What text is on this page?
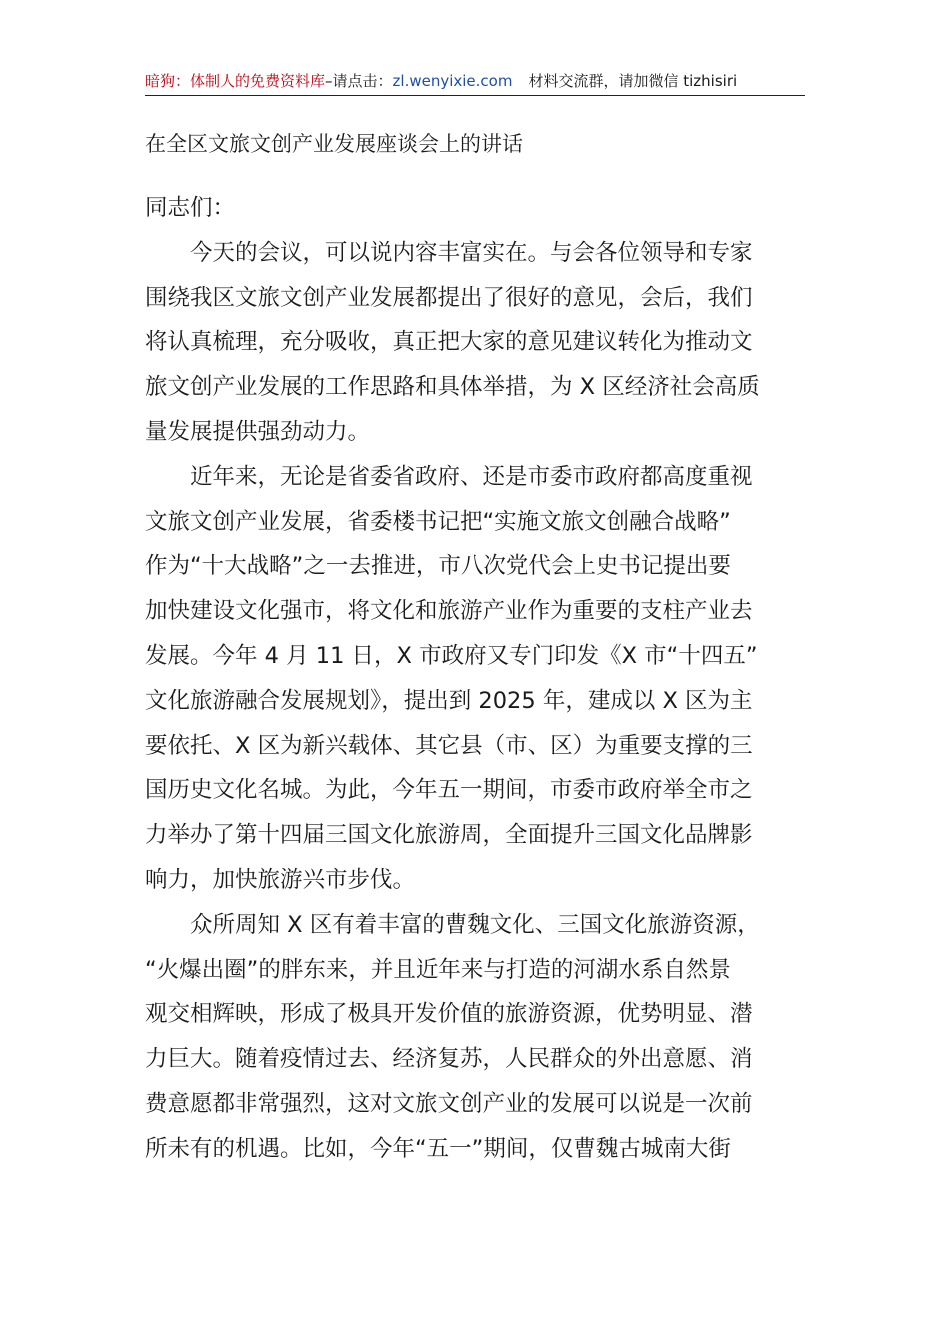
暗狗：体制人的免费资料库–请点击：zl.wenyixie.com 材料交流群，请加微信 tizhisiri
在全区文旅文创产业发展座谈会上的讲话
同志们：
今天的会议，可以说内容丰富实在。与会各位领导和专家
围绕我区文旅文创产业发展都提出了很好的意见，会后，我们
将认真梳理，充分吸收，真正把大家的意见建议转化为推动文
旅文创产业发展的工作思路和具体举措，为 X 区经济社会高质
量发展提供强劲动力。
近年来，无论是省委省政府、还是市委市政府都高度重视
文旅文创产业发展，省委楼书记把“实施文旅文创融合战略”
作为“十大战略”之一去推进，市八次党代会上史书记提出要
加快建设文化强市，将文化和旅游产业作为重要的支柱产业去
发展。今年 4 月 11 日，X 市政府又专门印发《X 市“十四五”
文化旅游融合发展规划》，提出到 2025 年，建成以 X 区为主
要依托、X 区为新兴载体、其它县（市、区）为重要支撑的三
国历史文化名城。为此，今年五一期间，市委市政府举全市之
力举办了第十四届三国文化旅游周，全面提升三国文化品牌影
响力，加快旅游兴市步伐。
众所周知 X 区有着丰富的曹魏文化、三国文化旅游资源，
“火爆出圈”的胖东来，并且近年来与打造的河湖水系自然景
观交相辉映，形成了极具开发价值的旅游资源，优势明显、潜
力巨大。随着疫情过去、经济复苏，人民群众的外出意愿、消
费意愿都非常强烈，这对文旅文创产业的发展可以说是一次前
所未有的机遇。比如，今年“五一”期间，仅曹魏古城南大街
